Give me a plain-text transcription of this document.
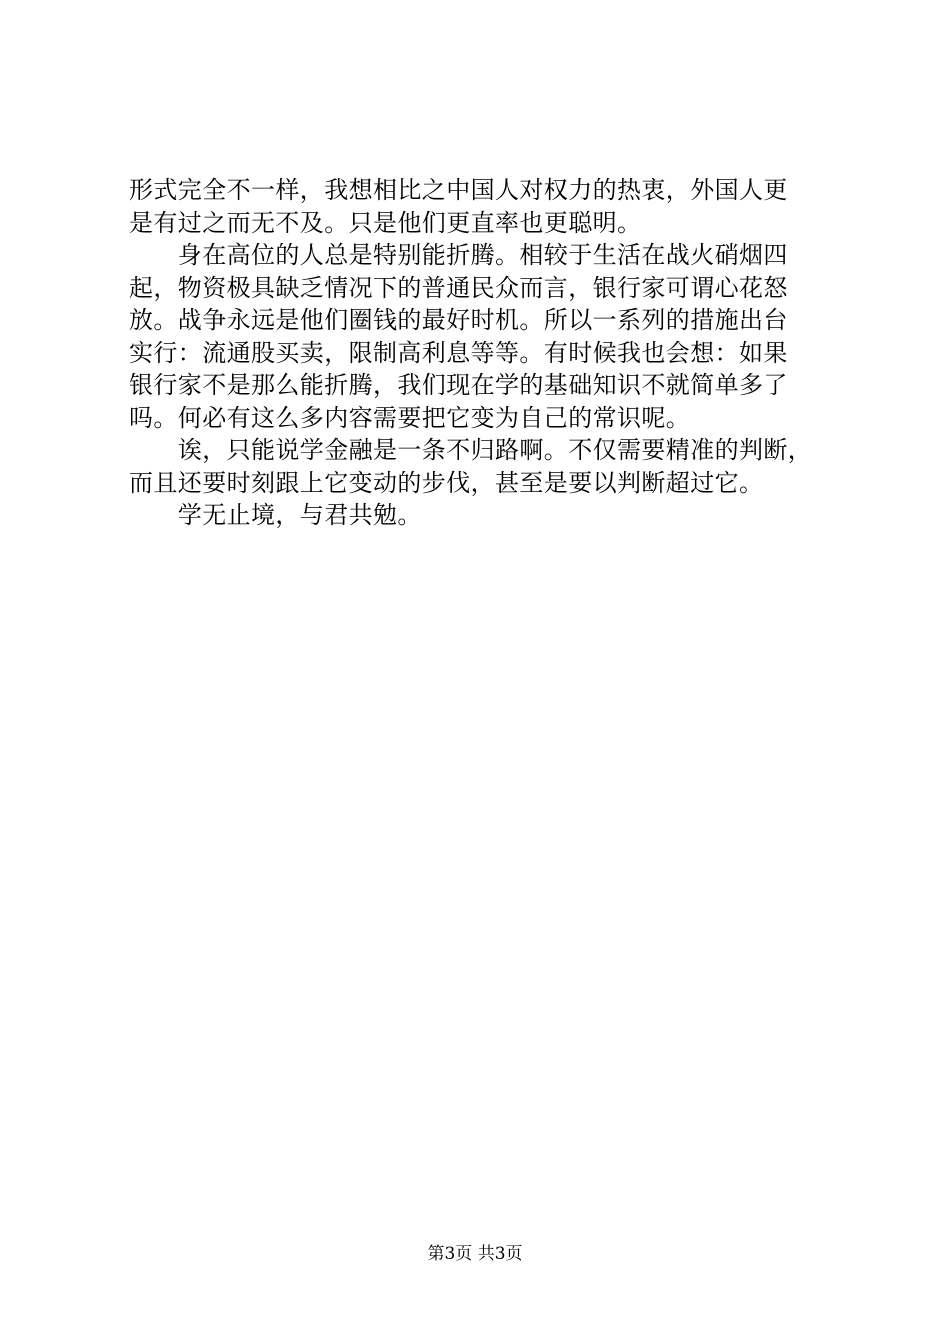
形式完全不一样，我想相比之中国人对权力的热衷，外国人更
是有过之而无不及。只是他们更直率也更聪明。
　　身在高位的人总是特别能折腾。相较于生活在战火硝烟四
起，物资极具缺乏情况下的普通民众而言，银行家可谓心花怒
放。战争永远是他们圈钱的最好时机。所以一系列的措施出台
实行：流通股买卖，限制高利息等等。有时候我也会想：如果
银行家不是那么能折腾，我们现在学的基础知识不就简单多了
吗。何必有这么多内容需要把它变为自己的常识呢。
　　诶，只能说学金融是一条不归路啊。不仅需要精准的判断，
而且还要时刻跟上它变动的步伐，甚至是要以判断超过它。
　　学无止境，与君共勉。
第3页 共3页
